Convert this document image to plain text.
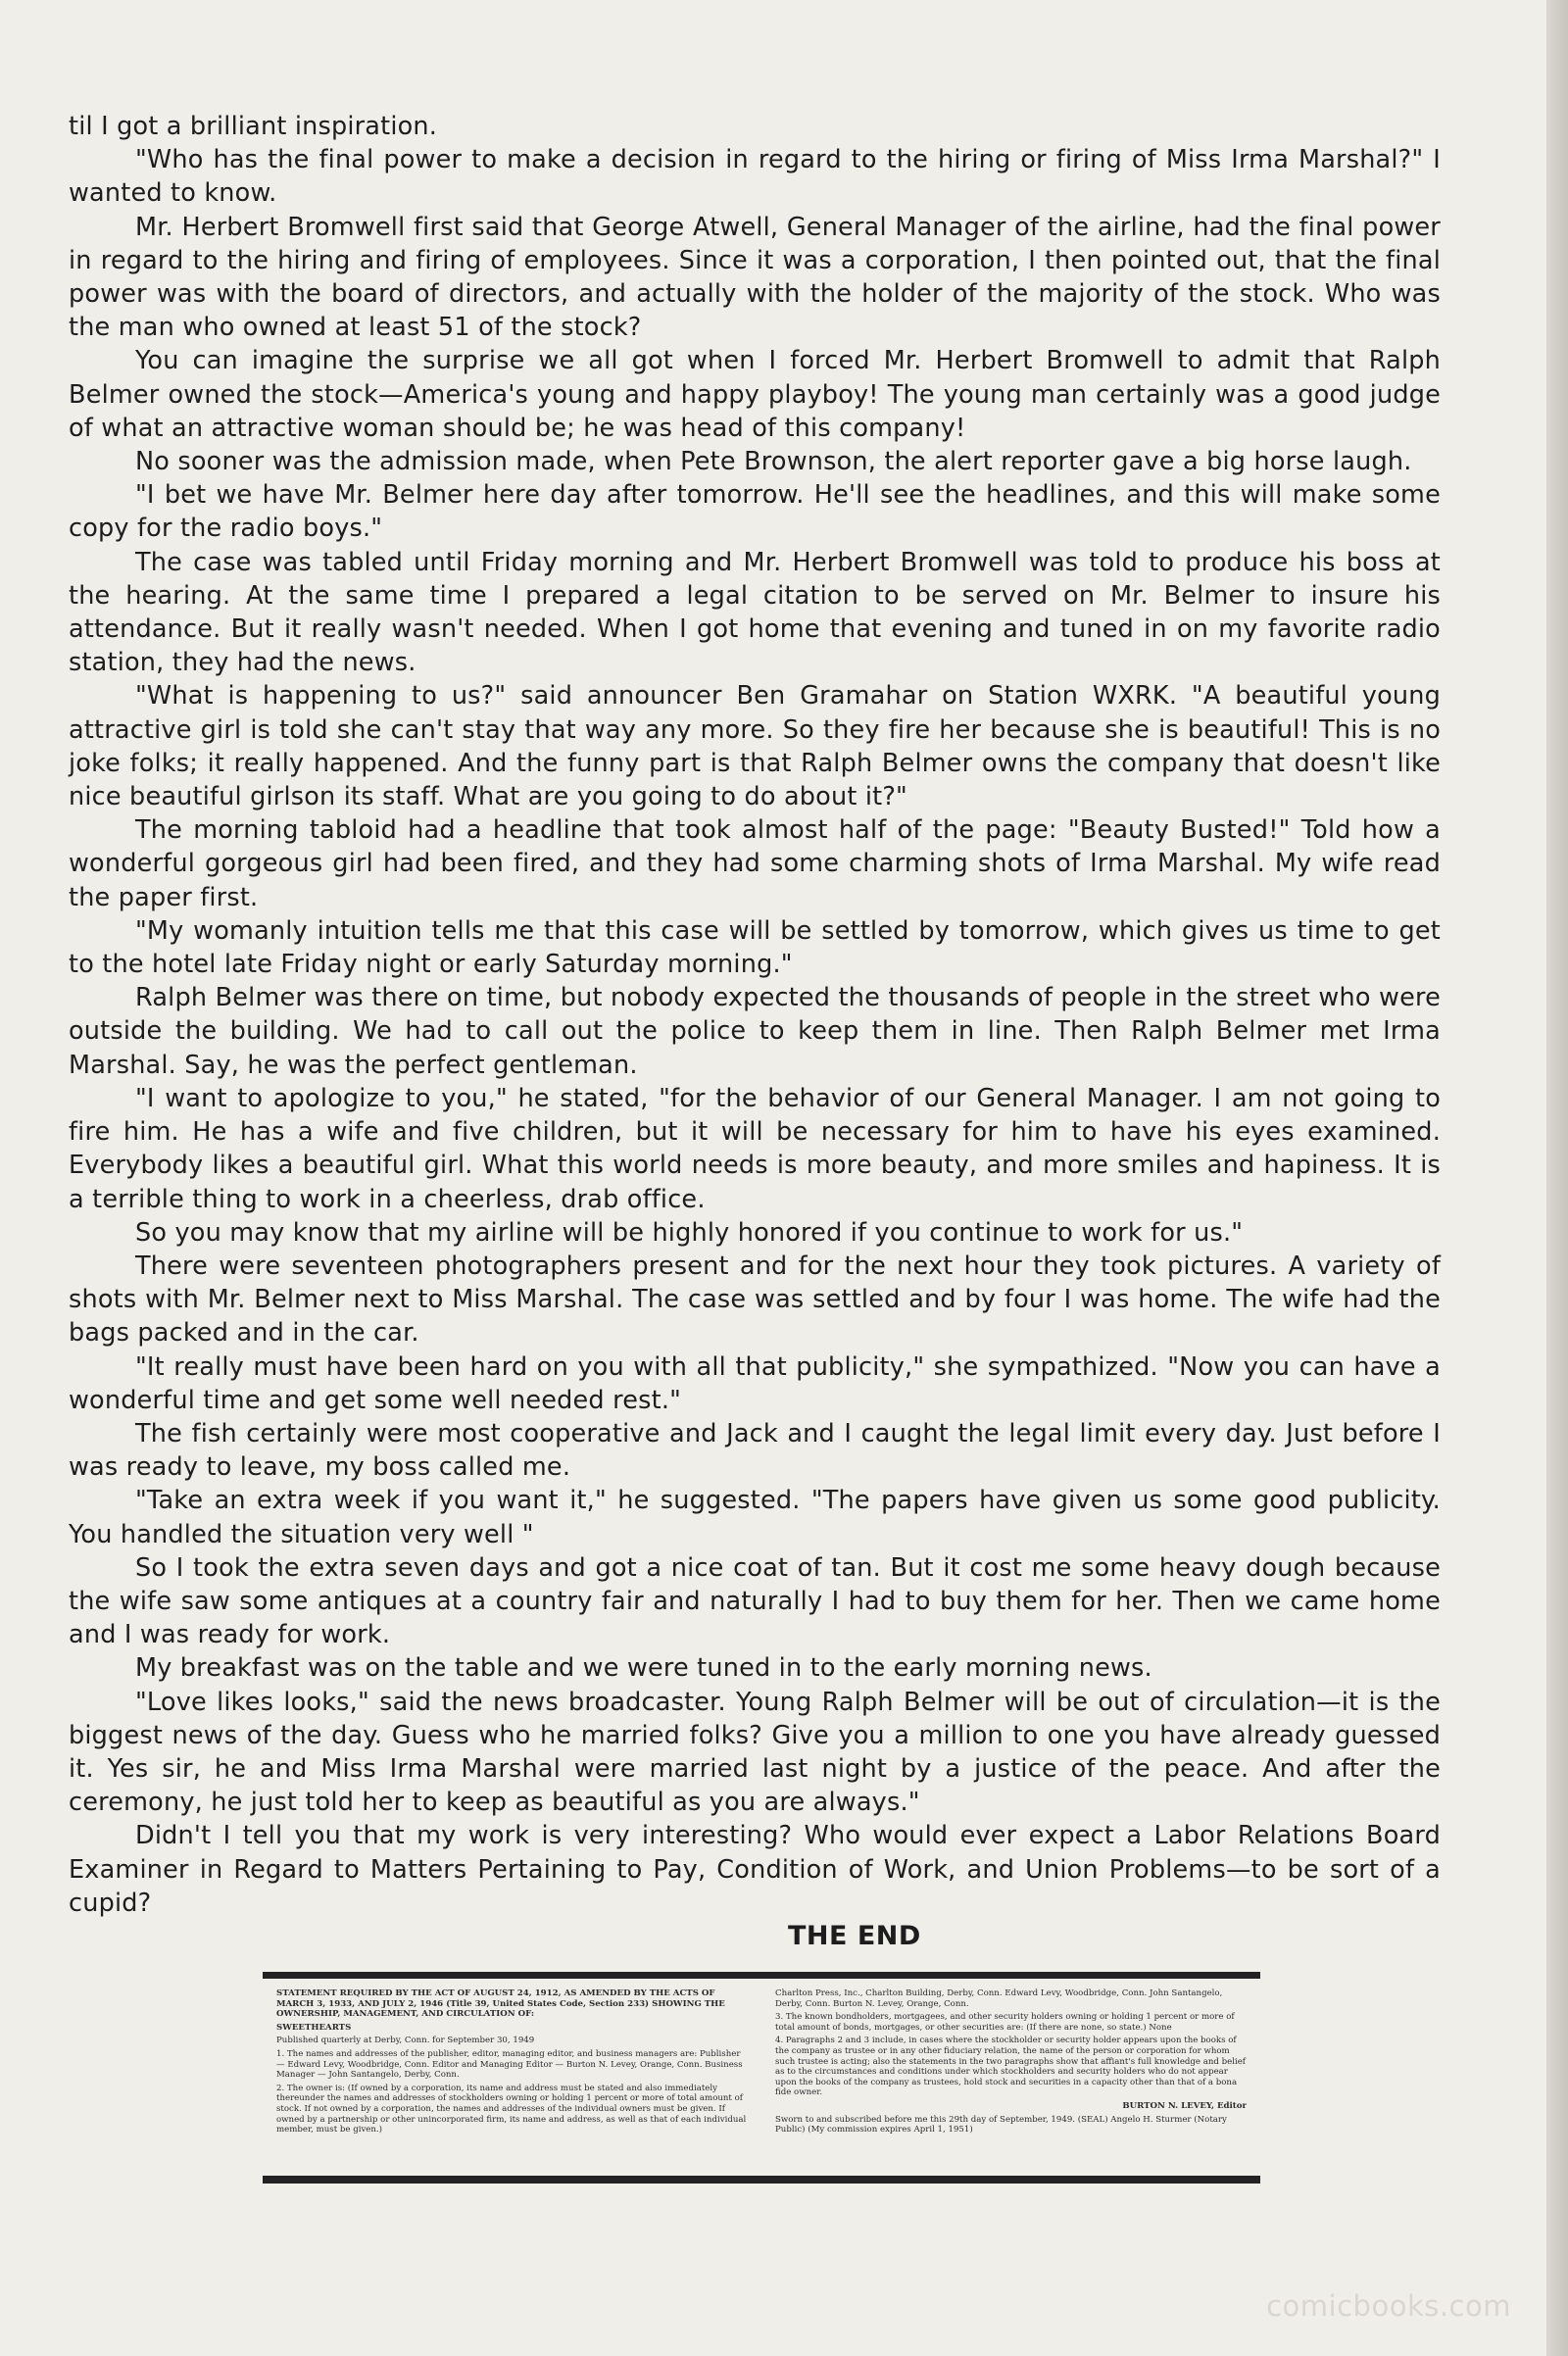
til I got a brilliant inspiration.

"Who has the final power to make a decision in regard to the hiring or firing of Miss Irma Marshal?" I wanted to know.

Mr. Herbert Bromwell first said that George Atwell, General Manager of the airline, had the final power in regard to the hiring and firing of employees. Since it was a corporation, I then pointed out, that the final power was with the board of directors, and actually with the holder of the majority of the stock. Who was the man who owned at least 51 of the stock?

You can imagine the surprise we all got when I forced Mr. Herbert Bromwell to admit that Ralph Belmer owned the stock—America's young and happy playboy! The young man certainly was a good judge of what an attractive woman should be; he was head of this company!

No sooner was the admission made, when Pete Brownson, the alert reporter gave a big horse laugh.

"I bet we have Mr. Belmer here day after tomorrow. He'll see the headlines, and this will make some copy for the radio boys."

The case was tabled until Friday morning and Mr. Herbert Bromwell was told to produce his boss at the hearing. At the same time I prepared a legal citation to be served on Mr. Belmer to insure his attendance. But it really wasn't needed. When I got home that evening and tuned in on my favorite radio station, they had the news.

"What is happening to us?" said announcer Ben Gramahar on Station WXRK. "A beautiful young attractive girl is told she can't stay that way any more. So they fire her because she is beautiful! This is no joke folks; it really happened. And the funny part is that Ralph Belmer owns the company that doesn't like nice beautiful girlson its staff. What are you going to do about it?"

The morning tabloid had a headline that took almost half of the page: "Beauty Busted!" Told how a wonderful gorgeous girl had been fired, and they had some charming shots of Irma Marshal. My wife read the paper first.

"My womanly intuition tells me that this case will be settled by tomorrow, which gives us time to get to the hotel late Friday night or early Saturday morning."

Ralph Belmer was there on time, but nobody expected the thousands of people in the street who were outside the building. We had to call out the police to keep them in line. Then Ralph Belmer met Irma Marshal. Say, he was the perfect gentleman.

"I want to apologize to you," he stated, "for the behavior of our General Manager. I am not going to fire him. He has a wife and five children, but it will be necessary for him to have his eyes examined. Everybody likes a beautiful girl. What this world needs is more beauty, and more smiles and hapiness. It is a terrible thing to work in a cheerless, drab office.

So you may know that my airline will be highly honored if you continue to work for us."

There were seventeen photographers present and for the next hour they took pictures. A variety of shots with Mr. Belmer next to Miss Marshal. The case was settled and by four I was home. The wife had the bags packed and in the car.

"It really must have been hard on you with all that publicity," she sympathized. "Now you can have a wonderful time and get some well needed rest."

The fish certainly were most cooperative and Jack and I caught the legal limit every day. Just before I was ready to leave, my boss called me.

"Take an extra week if you want it," he suggested. "The papers have given us some good publicity. You handled the situation very well "

So I took the extra seven days and got a nice coat of tan. But it cost me some heavy dough because the wife saw some antiques at a country fair and naturally I had to buy them for her. Then we came home and I was ready for work.

My breakfast was on the table and we were tuned in to the early morning news.

"Love likes looks," said the news broadcaster. Young Ralph Belmer will be out of circulation—it is the biggest news of the day. Guess who he married folks? Give you a million to one you have already guessed it. Yes sir, he and Miss Irma Marshal were married last night by a justice of the peace. And after the ceremony, he just told her to keep as beautiful as you are always."

Didn't I tell you that my work is very interesting? Who would ever expect a Labor Relations Board Examiner in Regard to Matters Pertaining to Pay, Condition of Work, and Union Problems—to be sort of a cupid?
THE END

STATEMENT REQUIRED BY THE ACT OF AUGUST 24, 1912, AS AMENDED BY THE ACTS OF MARCH 3, 1933, AND JULY 2, 1946 (Title 39, United States Code, Section 233) SHOWING THE OWNERSHIP, MANAGEMENT, AND CIRCULATION OF:

SWEETHEARTS

Published quarterly at Derby, Conn. for September 30, 1949

1. The names and addresses of the publisher, editor, managing editor, and business managers are: Publisher — Edward Levy, Woodbridge, Conn. Editor and Managing Editor — Burton N. Levey, Orange, Conn. Business Manager — John Santangelo, Derby, Conn.

2. The owner is: (If owned by a corporation, its name and address must be stated and also immediately thereunder the names and addresses of stockholders owning or holding 1 percent or more of total amount of stock. If not owned by a corporation, the names and addresses of the individual owners must be given. If owned by a partnership or other unincorporated firm, its name and address, as well as that of each individual member, must be given.)

Charlton Press, Inc., Charlton Building, Derby, Conn. Edward Levy, Woodbridge, Conn. John Santangelo, Derby, Conn. Burton N. Levey, Orange, Conn.

3. The known bondholders, mortgagees, and other security holders owning or holding 1 percent or more of total amount of bonds, mortgages, or other securities are: (If there are none, so state.) None

4. Paragraphs 2 and 3 include, in cases where the stockholder or security holder appears upon the books of the company as trustee or in any other fiduciary relation, the name of the person or corporation for whom such trustee is acting; also the statements in the two paragraphs show that affiant's full knowledge and belief as to the circumstances and conditions under which stockholders and security holders who do not appear upon the books of the company as trustees, hold stock and securities in a capacity other than that of a bona fide owner.

BURTON N. LEVEY, Editor

Sworn to and subscribed before me this 29th day of September, 1949. (SEAL) Angelo H. Sturmer (Notary Public) (My commission expires April 1, 1951)

comicbooks.com
